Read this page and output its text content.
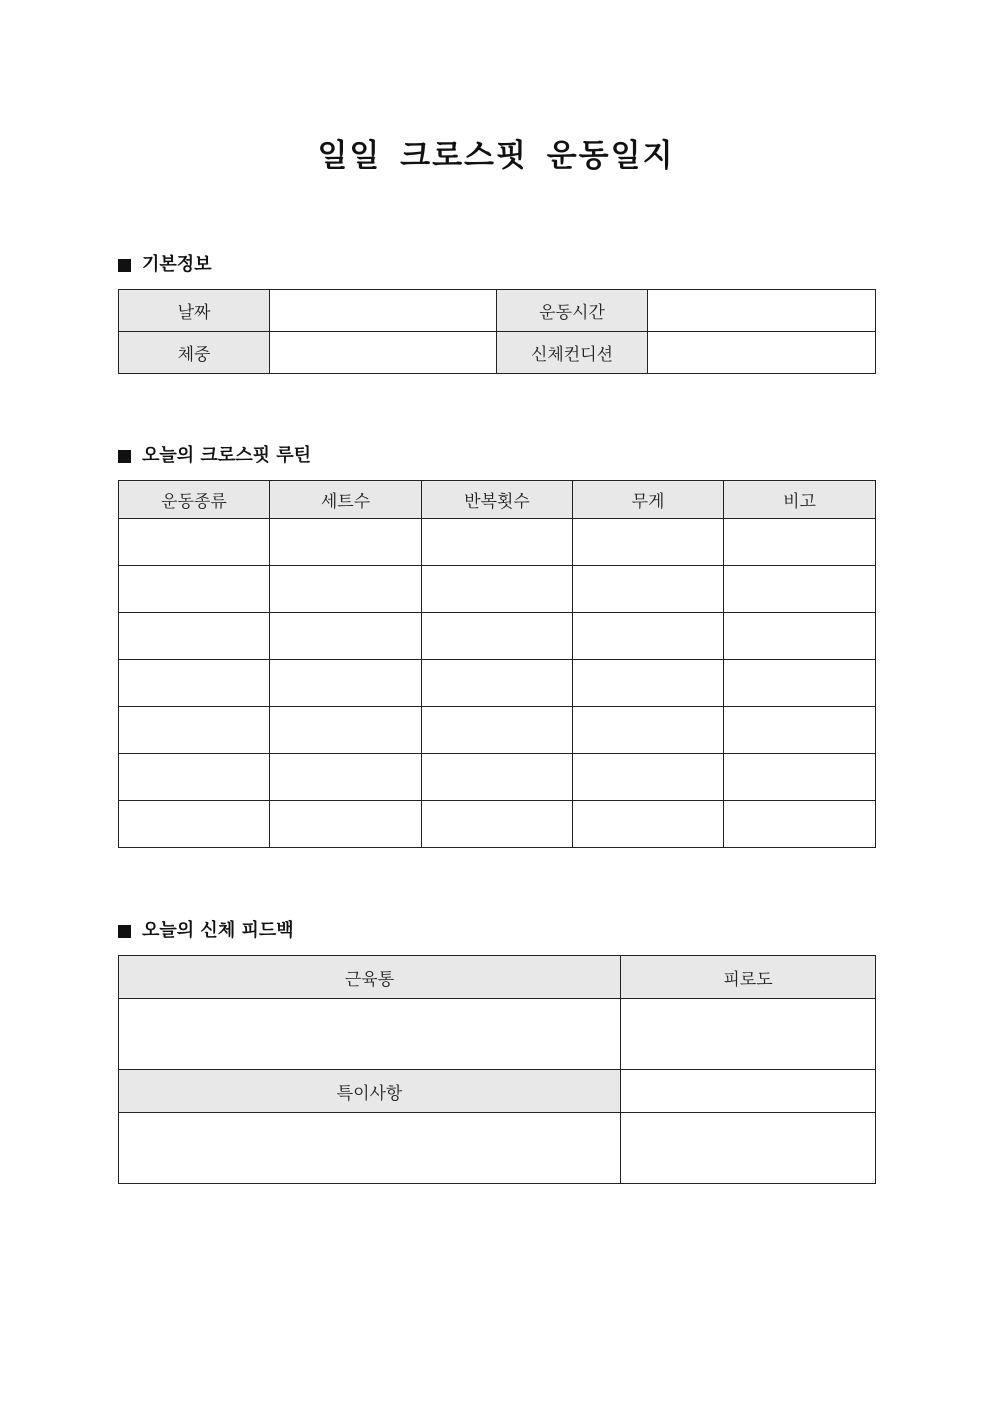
일일 크로스핏 운동일지
기본정보
날짜		운동시간	
체중		신체컨디션	
오늘의 크로스핏 루틴
운동종류	세트수	반복횟수	무게	비고

오늘의 신체 피드백
근육통	피로도

특이사항	
